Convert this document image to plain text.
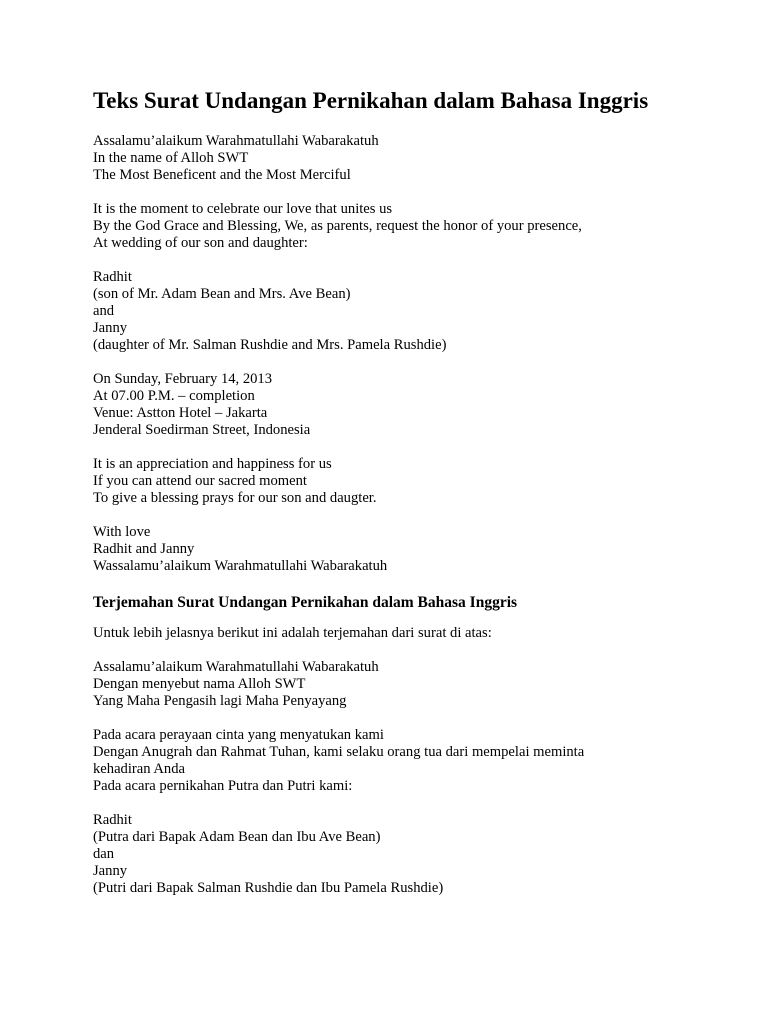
Teks Surat Undangan Pernikahan dalam Bahasa Inggris
Assalamu’alaikum Warahmatullahi Wabarakatuh
In the name of Alloh SWT
The Most Beneficent and the Most Merciful
It is the moment to celebrate our love that unites us
By the God Grace and Blessing, We, as parents, request the honor of your presence,
At wedding of our son and daughter:
Radhit
(son of Mr. Adam Bean and Mrs. Ave Bean)
and
Janny
(daughter of Mr. Salman Rushdie and Mrs. Pamela Rushdie)
On Sunday, February 14, 2013
At 07.00 P.M. – completion
Venue: Astton Hotel – Jakarta
Jenderal Soedirman Street, Indonesia
It is an appreciation and happiness for us
If you can attend our sacred moment
To give a blessing prays for our son and daugter.
With love
Radhit and Janny
Wassalamu’alaikum Warahmatullahi Wabarakatuh
Terjemahan Surat Undangan Pernikahan dalam Bahasa Inggris
Untuk lebih jelasnya berikut ini adalah terjemahan dari surat di atas:
Assalamu’alaikum Warahmatullahi Wabarakatuh
Dengan menyebut nama Alloh SWT
Yang Maha Pengasih lagi Maha Penyayang
Pada acara perayaan cinta yang menyatukan kami
Dengan Anugrah dan Rahmat Tuhan, kami selaku orang tua dari mempelai meminta
kehadiran Anda
Pada acara pernikahan Putra dan Putri kami:
Radhit
(Putra dari Bapak Adam Bean dan Ibu Ave Bean)
dan
Janny
(Putri dari Bapak Salman Rushdie dan Ibu Pamela Rushdie)
